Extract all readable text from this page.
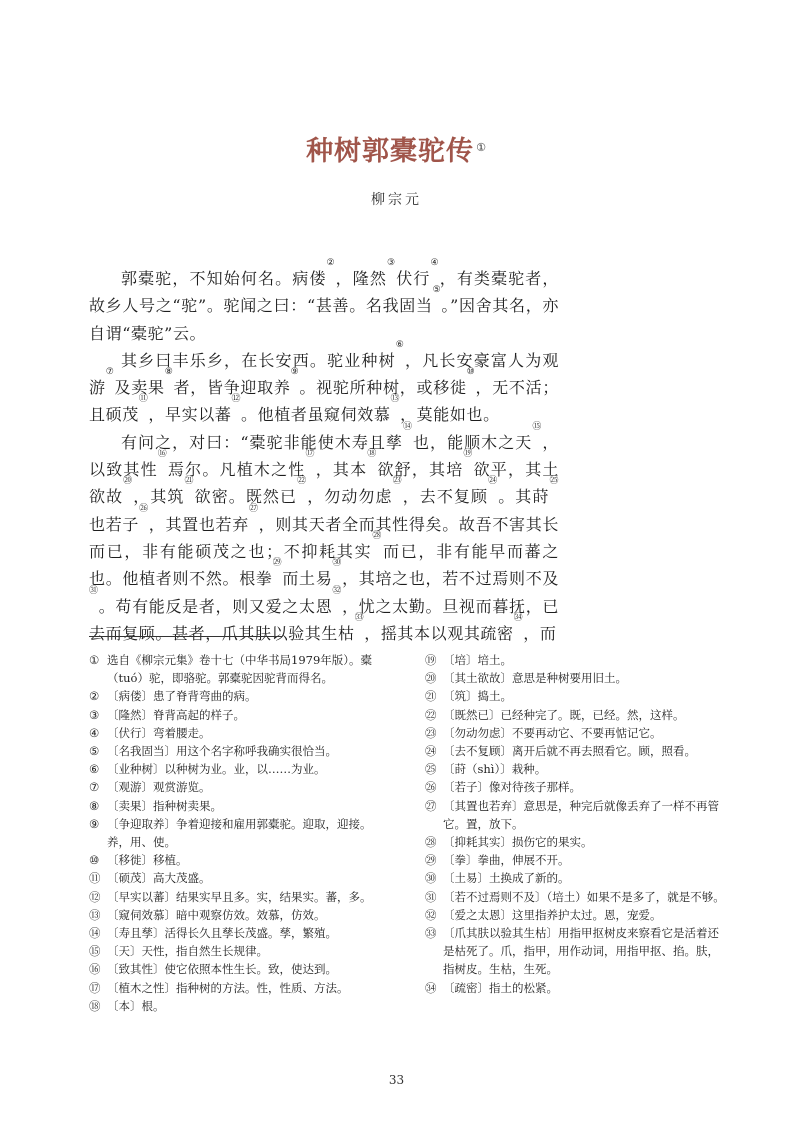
种树郭橐驼传 ①
柳宗元

郭橐驼，不知始何名。病偻②，隆然③伏行④，有类橐驼者，故乡人号之“驼”。驼闻之曰：“甚善。名我固当⑤。”因舍其名，亦自谓“橐驼”云。

其乡曰丰乐乡，在长安西。驼业种树⑥，凡长安豪富人为观游⑦及卖果⑧者，皆争迎取养⑨。视驼所种树，或移徙⑩，无不活；且硕茂⑪，早实以蕃⑫。他植者虽窥伺效慕⑬，莫能如也。

有问之，对曰：“橐驼非能使木寿且孳⑭也，能顺木之天⑮，以致其性⑯焉尔。凡植木之性⑰，其本⑱欲舒，其培⑲欲平，其土欲故⑳，其筑$^㉑$欲密。既然已$^㉒$，勿动勿虑$^㉓$，去不复顾$^㉔$。其莳$^㉕$也若子$^㉖$，其置也若弃$^㉗$，则其天者全而其性得矣。故吾不害其长而已，非有能硕茂之也；不抑耗其实$^㉘$而已，非有能早而蕃之也。他植者则不然。根拳$^㉙$而土易$^㉚$，其培之也，若不过焉则不及$^㉛$。苟有能反是者，则又爱之太恩$^㉜$，忧之太勤。旦视而暮抚，已去而复顾。甚者，爪其肤以验其生枯$^㉝$，摇其本以观其疏密$^㉞$，而

① 选自《柳宗元集》卷十七（中华书局1979年版）。橐（tuó）驼，即骆驼。郭橐驼因驼背而得名。
② 〔病偻〕患了脊背弯曲的病。
③ 〔隆然〕脊背高起的样子。
④ 〔伏行〕弯着腰走。
⑤ 〔名我固当〕用这个名字称呼我确实很恰当。
⑥ 〔业种树〕以种树为业。业，以……为业。
⑦ 〔观游〕观赏游览。
⑧ 〔卖果〕指种树卖果。
⑨ 〔争迎取养〕争着迎接和雇用郭橐驼。迎取，迎接。养，用、使。
⑩ 〔移徙〕移植。
⑪ 〔硕茂〕高大茂盛。
⑫ 〔早实以蕃〕结果实早且多。实，结果实。蕃，多。
⑬ 〔窥伺效慕〕暗中观察仿效。效慕，仿效。
⑭ 〔寿且孳〕活得长久且孳长茂盛。孳，繁殖。
⑮ 〔天〕天性，指自然生长规律。
⑯ 〔致其性〕使它依照本性生长。致，使达到。
⑰ 〔植木之性〕指种树的方法。性，性质、方法。
⑱ 〔本〕根。
⑲ 〔培〕培土。
⑳ 〔其土欲故〕意思是种树要用旧土。
㉑ 〔筑〕捣土。
㉒ 〔既然已〕已经种完了。既，已经。然，这样。
㉓ 〔勿动勿虑〕不要再动它、不要再惦记它。
㉔ 〔去不复顾〕离开后就不再去照看它。顾，照看。
㉕ 〔莳（shì）〕栽种。
㉖ 〔若子〕像对待孩子那样。
㉗ 〔其置也若弃〕意思是，种完后就像丢弃了一样不再管它。置，放下。
㉘ 〔抑耗其实〕损伤它的果实。
㉙ 〔拳〕拳曲，伸展不开。
㉚ 〔土易〕土换成了新的。
㉛ 〔若不过焉则不及〕（培土）如果不是多了，就是不够。
㉜ 〔爱之太恩〕这里指养护太过。恩，宠爱。
㉝ 〔爪其肤以验其生枯〕用指甲抠树皮来察看它是活着还是枯死了。爪，指甲，用作动词，用指甲抠、掐。肤，指树皮。生枯，生死。
㉞ 〔疏密〕指土的松紧。
33
